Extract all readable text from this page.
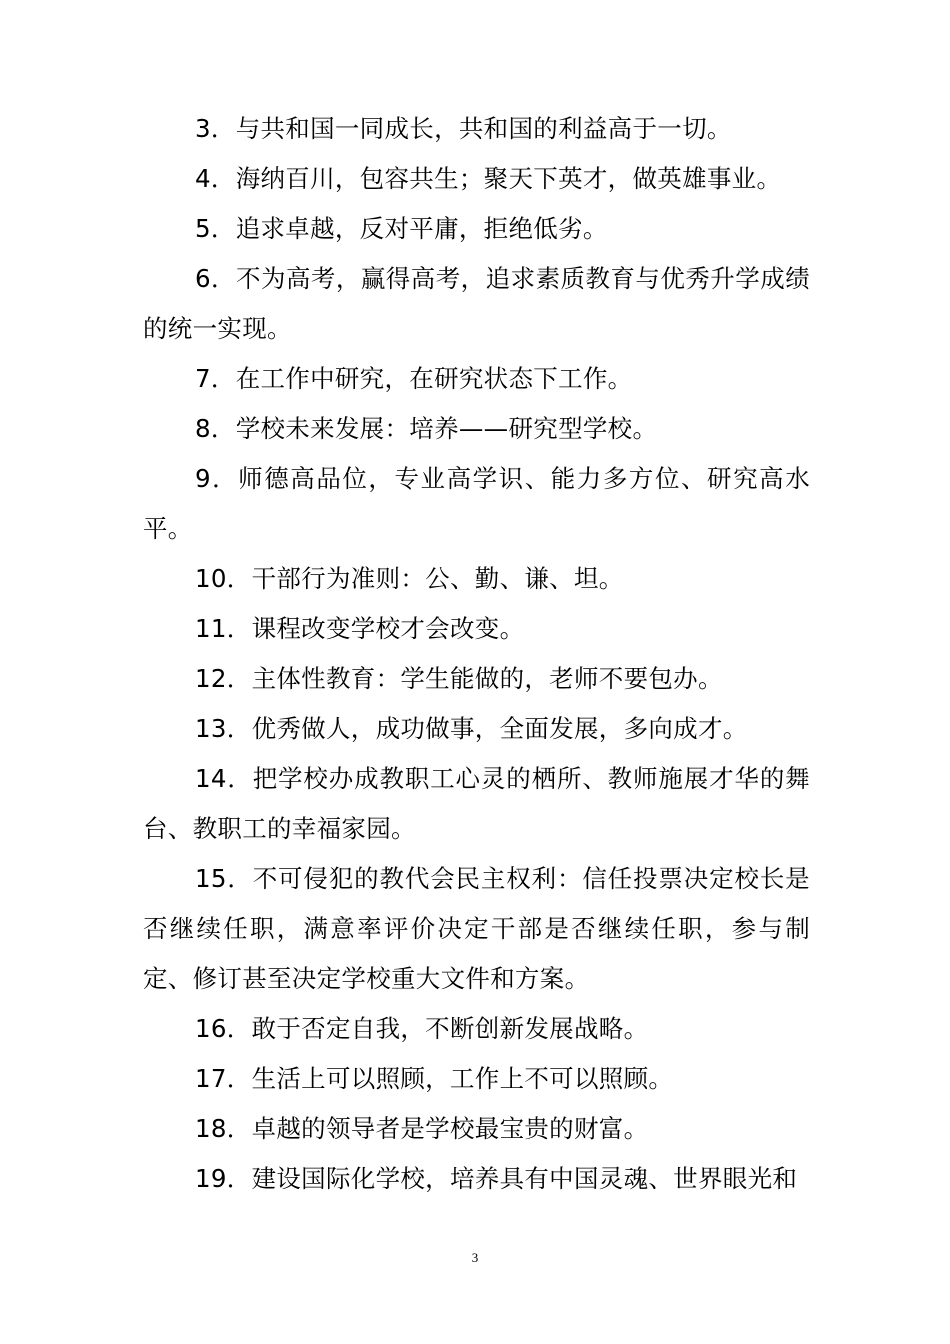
3．与共和国一同成长，共和国的利益高于一切。

4．海纳百川，包容共生；聚天下英才，做英雄事业。

5．追求卓越，反对平庸，拒绝低劣。

6．不为高考，赢得高考，追求素质教育与优秀升学成绩的统一实现。

7．在工作中研究，在研究状态下工作。

8．学校未来发展：培养——研究型学校。

9．师德高品位，专业高学识、能力多方位、研究高水平。

10．干部行为准则：公、勤、谦、坦。

11．课程改变学校才会改变。

12．主体性教育：学生能做的，老师不要包办。

13．优秀做人，成功做事，全面发展，多向成才。

14．把学校办成教职工心灵的栖所、教师施展才华的舞台、教职工的幸福家园。

15．不可侵犯的教代会民主权利：信任投票决定校长是否继续任职，满意率评价决定干部是否继续任职，参与制定、修订甚至决定学校重大文件和方案。

16．敢于否定自我，不断创新发展战略。

17．生活上可以照顾，工作上不可以照顾。

18．卓越的领导者是学校最宝贵的财富。

19．建设国际化学校，培养具有中国灵魂、世界眼光和

3
